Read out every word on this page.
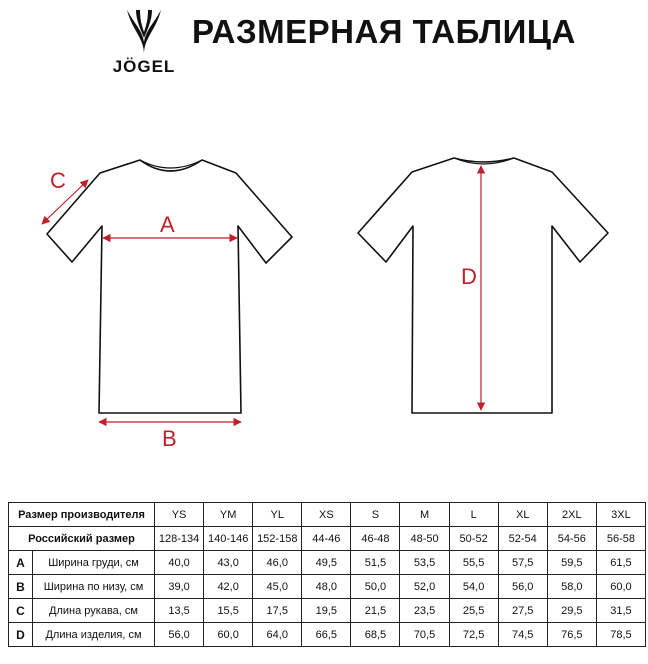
JÖGEL
РАЗМЕРНАЯ ТАБЛИЦА
C
A
B
D
Размер производителя		YS	YM	YL	XS	S	M	L	XL	2XL	3XL
Российский размер		128-134	140-146	152-158	44-46	46-48	48-50	50-52	52-54	54-56	56-58
A	Ширина груди, см	40,0	43,0	46,0	49,5	51,5	53,5	55,5	57,5	59,5	61,5
B	Ширина по низу, см	39,0	42,0	45,0	48,0	50,0	52,0	54,0	56,0	58,0	60,0
C	Длина рукава, см	13,5	15,5	17,5	19,5	21,5	23,5	25,5	27,5	29,5	31,5
D	Длина изделия, см	56,0	60,0	64,0	66,5	68,5	70,5	72,5	74,5	76,5	78,5
